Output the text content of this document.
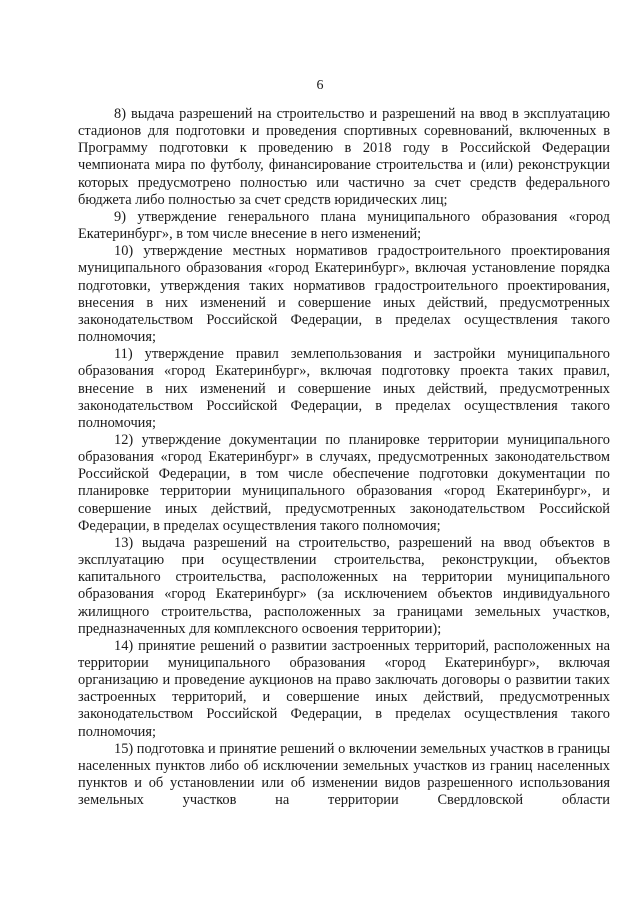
6

8) выдача разрешений на строительство и разрешений на ввод в эксплуатацию стадионов для подготовки и проведения спортивных соревнований, включенных в Программу подготовки к проведению в 2018 году в Российской Федерации чемпионата мира по футболу, финансирование строительства и (или) реконструкции которых предусмотрено полностью или частично за счет средств федерального бюджета либо полностью за счет средств юридических лиц;

9) утверждение генерального плана муниципального образования «город Екатеринбург», в том числе внесение в него изменений;

10) утверждение местных нормативов градостроительного проектирования муниципального образования «город Екатеринбург», включая установление порядка подготовки, утверждения таких нормативов градостроительного проектирования, внесения в них изменений и совершение иных действий, предусмотренных законодательством Российской Федерации, в пределах осуществления такого полномочия;

11) утверждение правил землепользования и застройки муниципального образования «город Екатеринбург», включая подготовку проекта таких правил, внесение в них изменений и совершение иных действий, предусмотренных законодательством Российской Федерации, в пределах осуществления такого полномочия;

12) утверждение документации по планировке территории муниципального образования «город Екатеринбург» в случаях, предусмотренных законодательством Российской Федерации, в том числе обеспечение подготовки документации по планировке территории муниципального образования «город Екатеринбург», и совершение иных действий, предусмотренных законодательством Российской Федерации, в пределах осуществления такого полномочия;

13) выдача разрешений на строительство, разрешений на ввод объектов в эксплуатацию при осуществлении строительства, реконструкции, объектов капитального строительства, расположенных на территории муниципального образования «город Екатеринбург» (за исключением объектов индивидуального жилищного строительства, расположенных за границами земельных участков, предназначенных для комплексного освоения территории);

14) принятие решений о развитии застроенных территорий, расположенных на территории муниципального образования «город Екатеринбург», включая организацию и проведение аукционов на право заключать договоры о развитии таких застроенных территорий, и совершение иных действий, предусмотренных законодательством Российской Федерации, в пределах осуществления такого полномочия;

15) подготовка и принятие решений о включении земельных участков в границы населенных пунктов либо об исключении земельных участков из границ населенных пунктов и об установлении или об изменении видов разрешенного использования земельных участков на территории Свердловской области
